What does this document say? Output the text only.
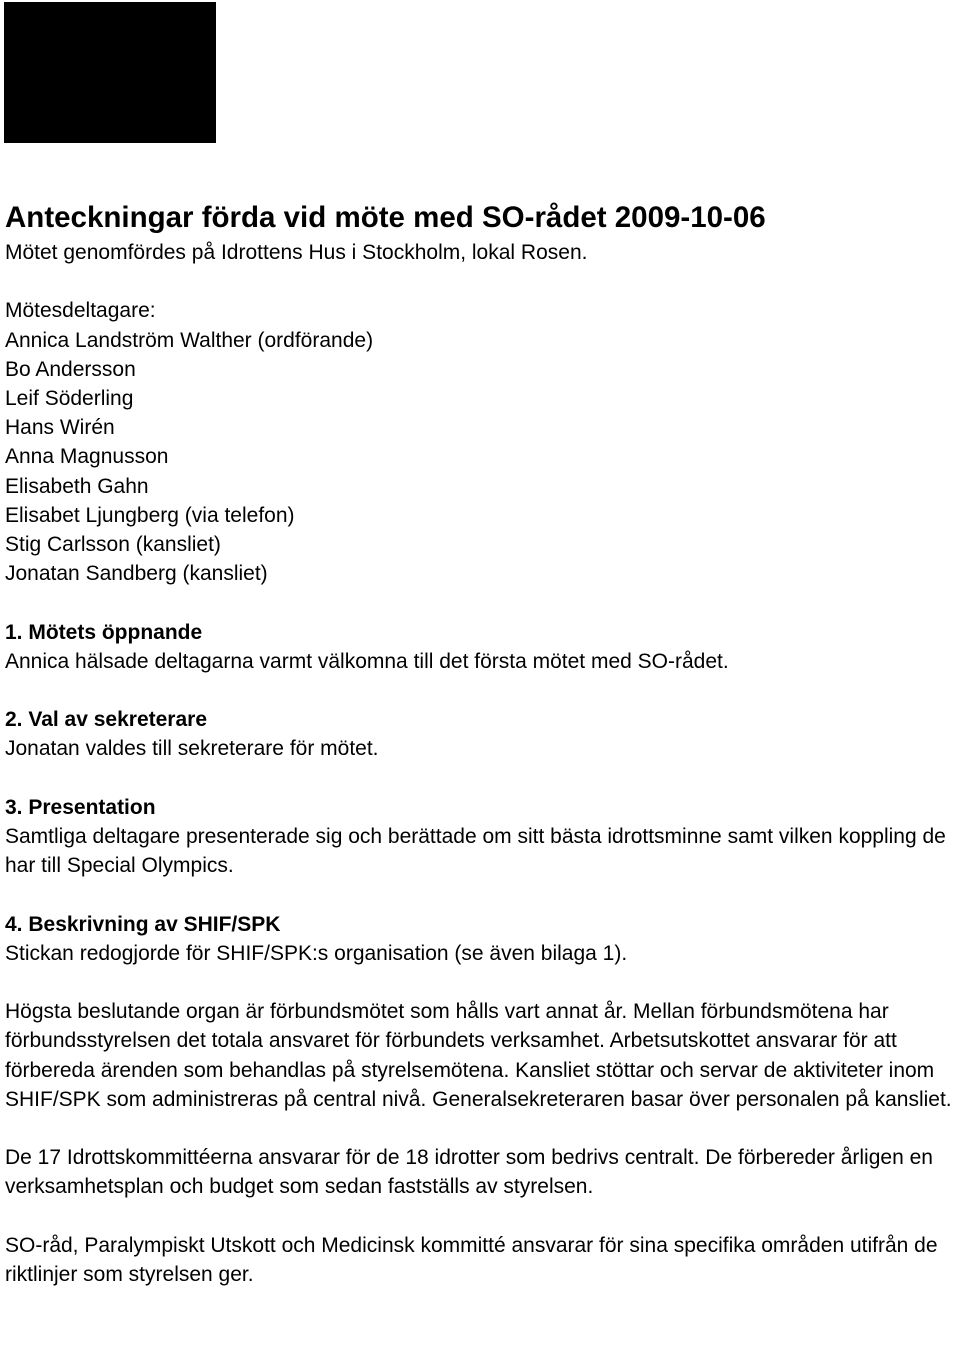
Anteckningar förda vid möte med SO-rådet 2009-10-06

Mötet genomfördes på Idrottens Hus i Stockholm, lokal Rosen.

Mötesdeltagare:

Annica Landström Walther (ordförande)

Bo Andersson

Leif Söderling

Hans Wirén

Anna Magnusson

Elisabeth Gahn

Elisabet Ljungberg (via telefon)

Stig Carlsson (kansliet)

Jonatan Sandberg (kansliet)

1. Mötets öppnande

Annica hälsade deltagarna varmt välkomna till det första mötet med SO-rådet.

2. Val av sekreterare

Jonatan valdes till sekreterare för mötet.

3. Presentation

Samtliga deltagare presenterade sig och berättade om sitt bästa idrottsminne samt vilken koppling de har till Special Olympics.

4. Beskrivning av SHIF/SPK

Stickan redogjorde för SHIF/SPK:s organisation (se även bilaga 1).

Högsta beslutande organ är förbundsmötet som hålls vart annat år. Mellan förbundsmötena har förbundsstyrelsen det totala ansvaret för förbundets verksamhet. Arbetsutskottet ansvarar för att förbereda ärenden som behandlas på styrelsemötena. Kansliet stöttar och servar de aktiviteter inom SHIF/SPK som administreras på central nivå. Generalsekreteraren basar över personalen på kansliet.

De 17 Idrottskommittéerna ansvarar för de 18 idrotter som bedrivs centralt. De förbereder årligen en verksamhetsplan och budget som sedan fastställs av styrelsen.

SO-råd, Paralympiskt Utskott och Medicinsk kommitté ansvarar för sina specifika områden utifrån de riktlinjer som styrelsen ger.
